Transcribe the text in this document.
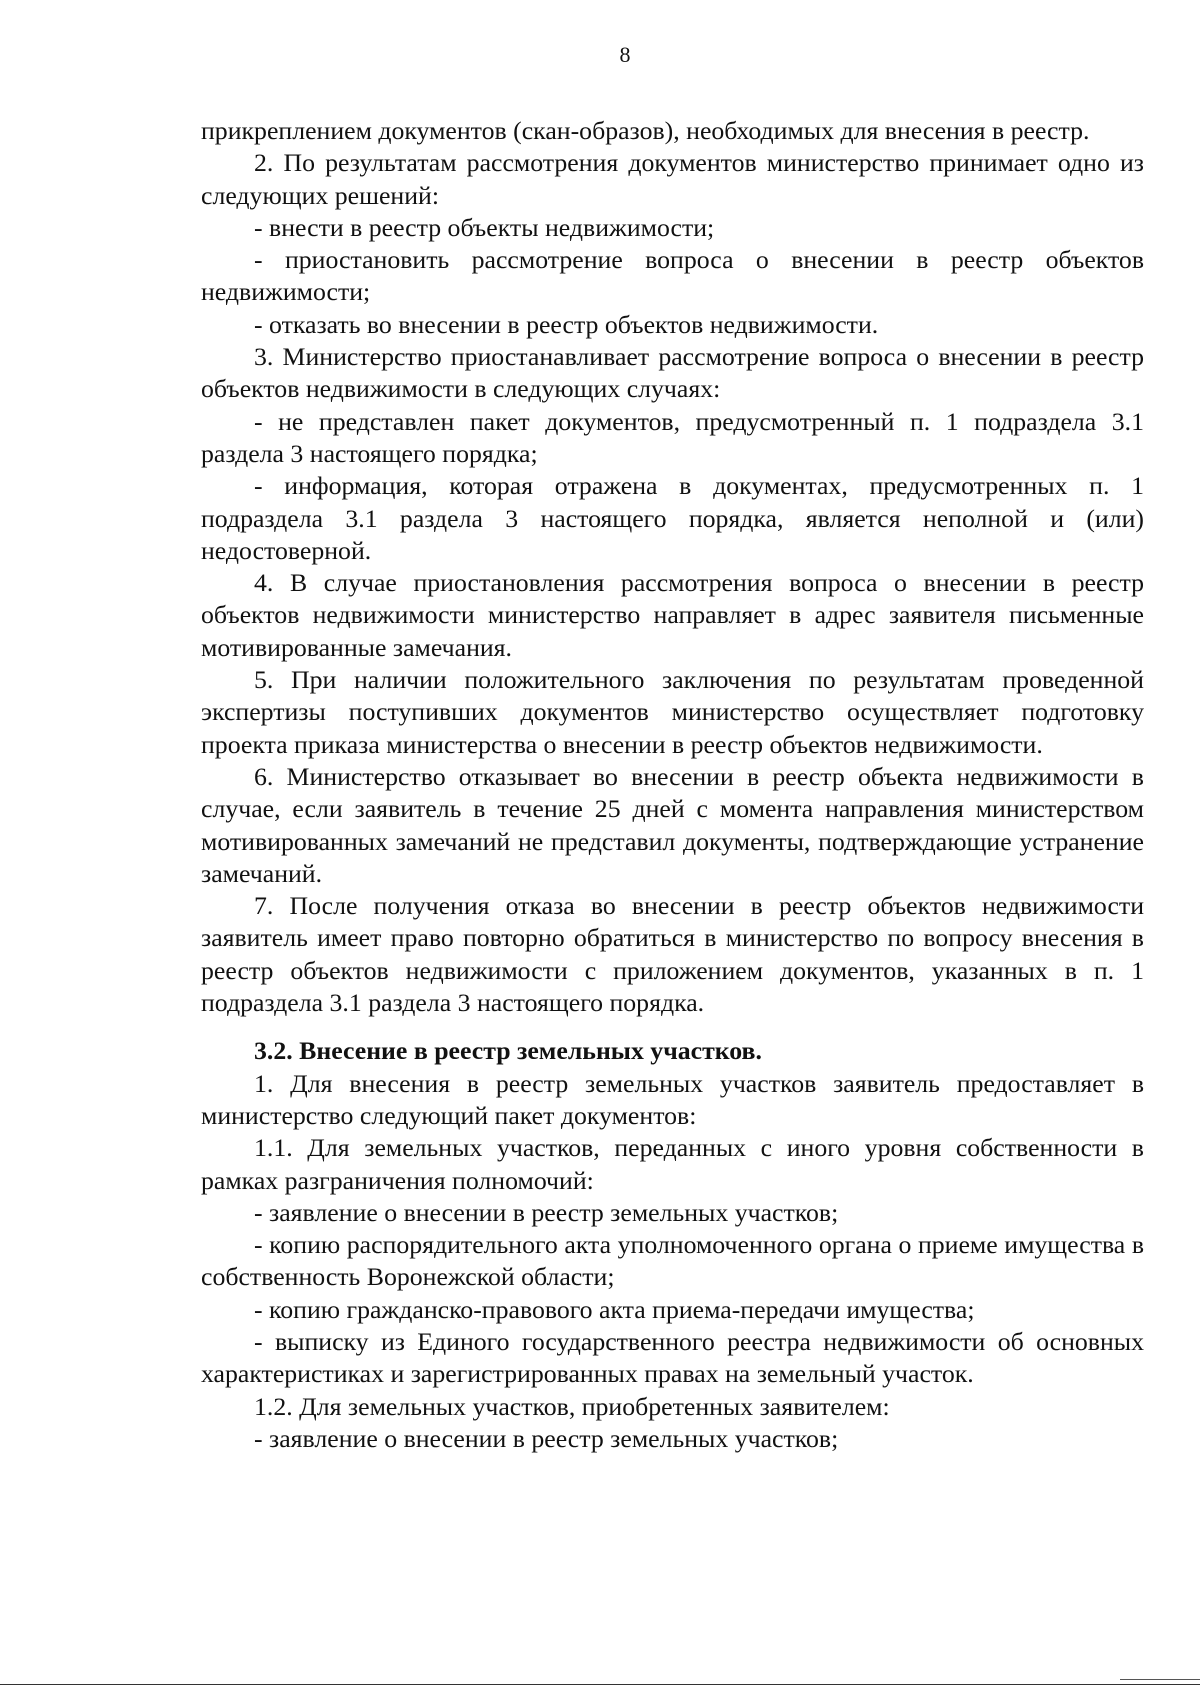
8

прикреплением документов (скан-образов), необходимых для внесения в реестр.

2. По результатам рассмотрения документов министерство принимает одно из следующих решений:

- внести в реестр объекты недвижимости;

- приостановить рассмотрение вопроса о внесении в реестр объектов недвижимости;

- отказать во внесении в реестр объектов недвижимости.

3. Министерство приостанавливает рассмотрение вопроса о внесении в реестр объектов недвижимости в следующих случаях:

- не представлен пакет документов, предусмотренный п. 1 подраздела 3.1 раздела 3 настоящего порядка;

- информация, которая отражена в документах, предусмотренных п. 1 подраздела 3.1 раздела 3 настоящего порядка, является неполной и (или) недостоверной.

4. В случае приостановления рассмотрения вопроса о внесении в реестр объектов недвижимости министерство направляет в адрес заявителя письменные мотивированные замечания.

5. При наличии положительного заключения по результатам проведенной экспертизы поступивших документов министерство осуществляет подготовку проекта приказа министерства о внесении в реестр объектов недвижимости.

6. Министерство отказывает во внесении в реестр объекта недвижимости в случае, если заявитель в течение 25 дней с момента направления министерством мотивированных замечаний не представил документы, подтверждающие устранение замечаний.

7. После получения отказа во внесении в реестр объектов недвижимости заявитель имеет право повторно обратиться в министерство по вопросу внесения в реестр объектов недвижимости с приложением документов, указанных в п. 1 подраздела 3.1 раздела 3 настоящего порядка.

3.2. Внесение в реестр земельных участков.

1. Для внесения в реестр земельных участков заявитель предоставляет в министерство следующий пакет документов:

1.1. Для земельных участков, переданных с иного уровня собственности в рамках разграничения полномочий:

- заявление о внесении в реестр земельных участков;

- копию распорядительного акта уполномоченного органа о приеме имущества в собственность Воронежской области;

- копию гражданско-правового акта приема-передачи имущества;

- выписку из Единого государственного реестра недвижимости об основных характеристиках и зарегистрированных правах на земельный участок.

1.2. Для земельных участков, приобретенных заявителем:

- заявление о внесении в реестр земельных участков;
